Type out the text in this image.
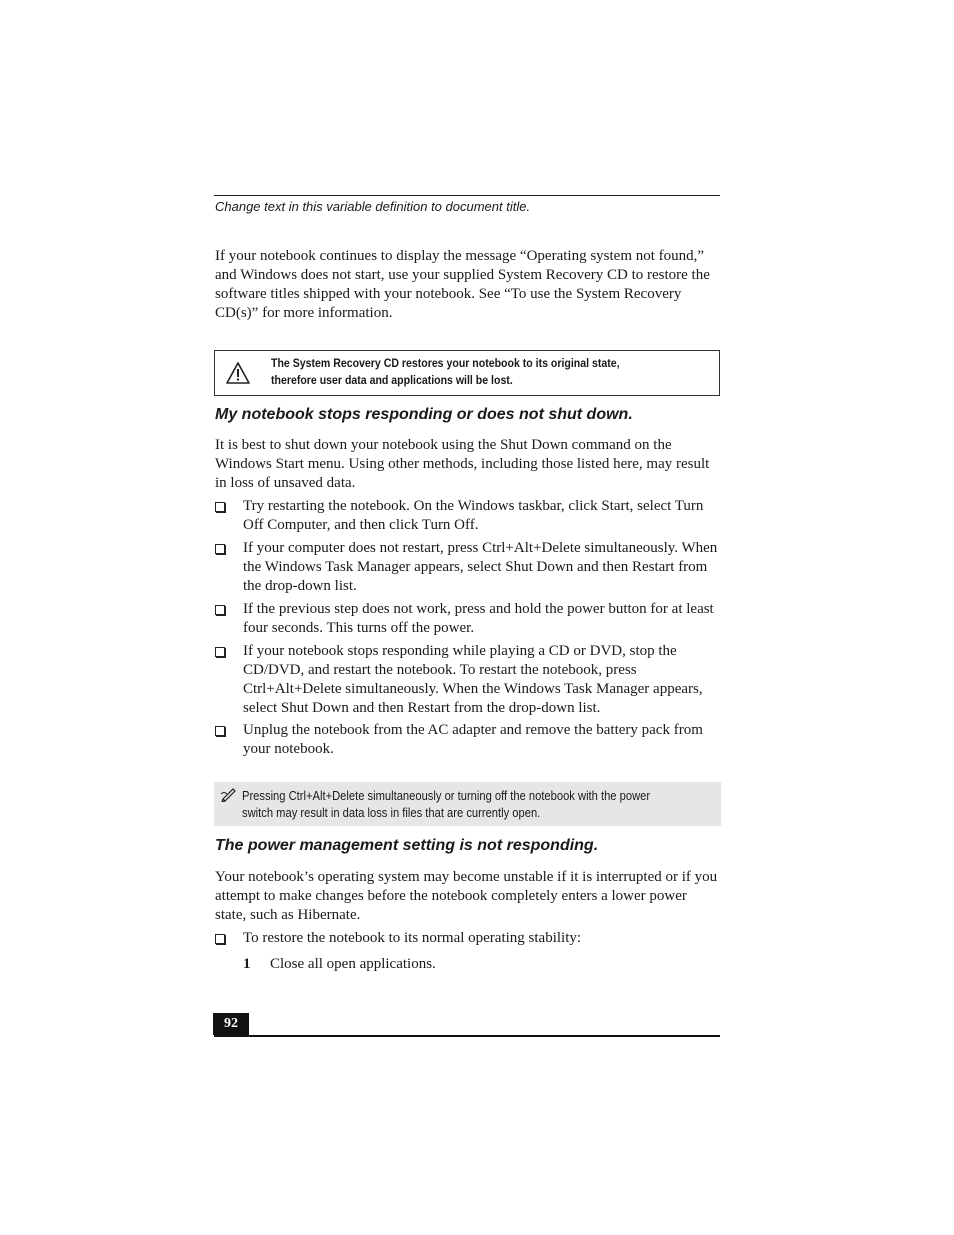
Change text in this variable definition to document title.
If your notebook continues to display the message “Operating system not found,” and Windows does not start, use your supplied System Recovery CD to restore the software titles shipped with your notebook. See “To use the System Recovery CD(s)” for more information.
The System Recovery CD restores your notebook to its original state,
therefore user data and applications will be lost.
My notebook stops responding or does not shut down.
It is best to shut down your notebook using the Shut Down command on the Windows Start menu. Using other methods, including those listed here, may result in loss of unsaved data.
Try restarting the notebook. On the Windows taskbar, click Start, select Turn Off Computer, and then click Turn Off.
If your computer does not restart, press Ctrl+Alt+Delete simultaneously. When the Windows Task Manager appears, select Shut Down and then Restart from the drop-down list.
If the previous step does not work, press and hold the power button for at least four seconds. This turns off the power.
If your notebook stops responding while playing a CD or DVD, stop the CD/DVD, and restart the notebook. To restart the notebook, press Ctrl+Alt+Delete simultaneously. When the Windows Task Manager appears, select Shut Down and then Restart from the drop-down list.
Unplug the notebook from the AC adapter and remove the battery pack from your notebook.
Pressing Ctrl+Alt+Delete simultaneously or turning off the notebook with the power
switch may result in data loss in files that are currently open.
The power management setting is not responding.
Your notebook’s operating system may become unstable if it is interrupted or if you attempt to make changes before the notebook completely enters a lower power state, such as Hibernate.
To restore the notebook to its normal operating stability:
1 Close all open applications.
92
